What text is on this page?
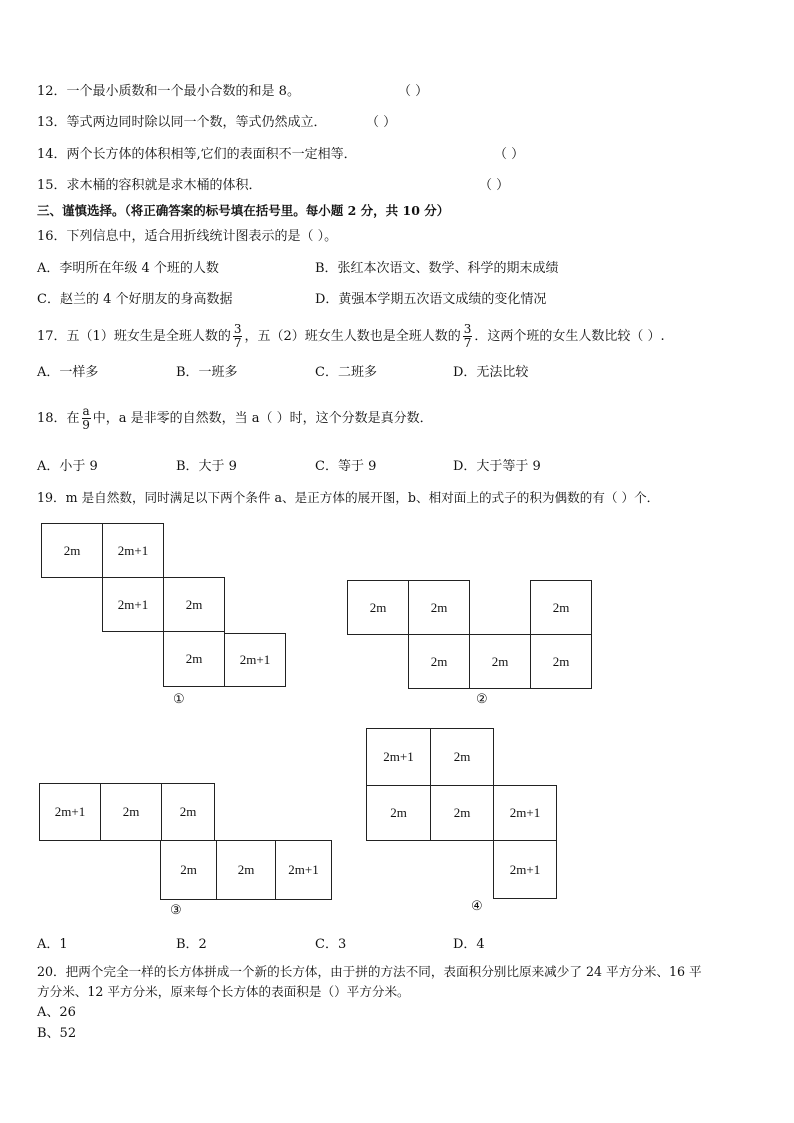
12．一个最小质数和一个最小合数的和是 8。	（ ）
13．等式两边同时除以同一个数，等式仍然成立．	（ ）
14．两个长方体的体积相等,它们的表面积不一定相等．	（ ）
15．求木桶的容积就是求木桶的体积．	（ ）
三、谨慎选择。（将正确答案的标号填在括号里。每小题 2 分，共 10 分）
16．下列信息中，适合用折线统计图表示的是（ ）。
A．李明所在年级 4 个班的人数	B．张红本次语文、数学、科学的期末成绩
C．赵兰的 4 个好朋友的身高数据	D．黄强本学期五次语文成绩的变化情况
17．五（1）班女生是全班人数的 $\frac{3}{7}$ ，五（2）班女生人数也是全班人数的 $\frac{3}{7}$ ．这两个班的女生人数比较（ ）.
A．一样多	B．一班多	C．二班多	D．无法比较
18．在 $\frac{a}{9}$ 中，a 是非零的自然数，当 a（ ）时，这个分数是真分数．
A．小于 9	B．大于 9	C．等于 9	D．大于等于 9
19．m 是自然数，同时满足以下两个条件 a、是正方体的展开图，b、相对面上的式子的积为偶数的有（ ）个．
2m	2m+1
2m+1	2m
2m	2m+1
①
2m	2m	2m
2m	2m	2m
②
2m+1	2m	2m
2m	2m	2m+1
③
2m+1	2m
2m	2m	2m+1
2m+1
④
A．1	B．2	C．3	D．4
20．把两个完全一样的长方体拼成一个新的长方体，由于拼的方法不同，表面积分别比原来减少了 24 平方分米、16 平
方分米、12 平方分米，原来每个长方体的表面积是（）平方分米。
A、26
B、52
